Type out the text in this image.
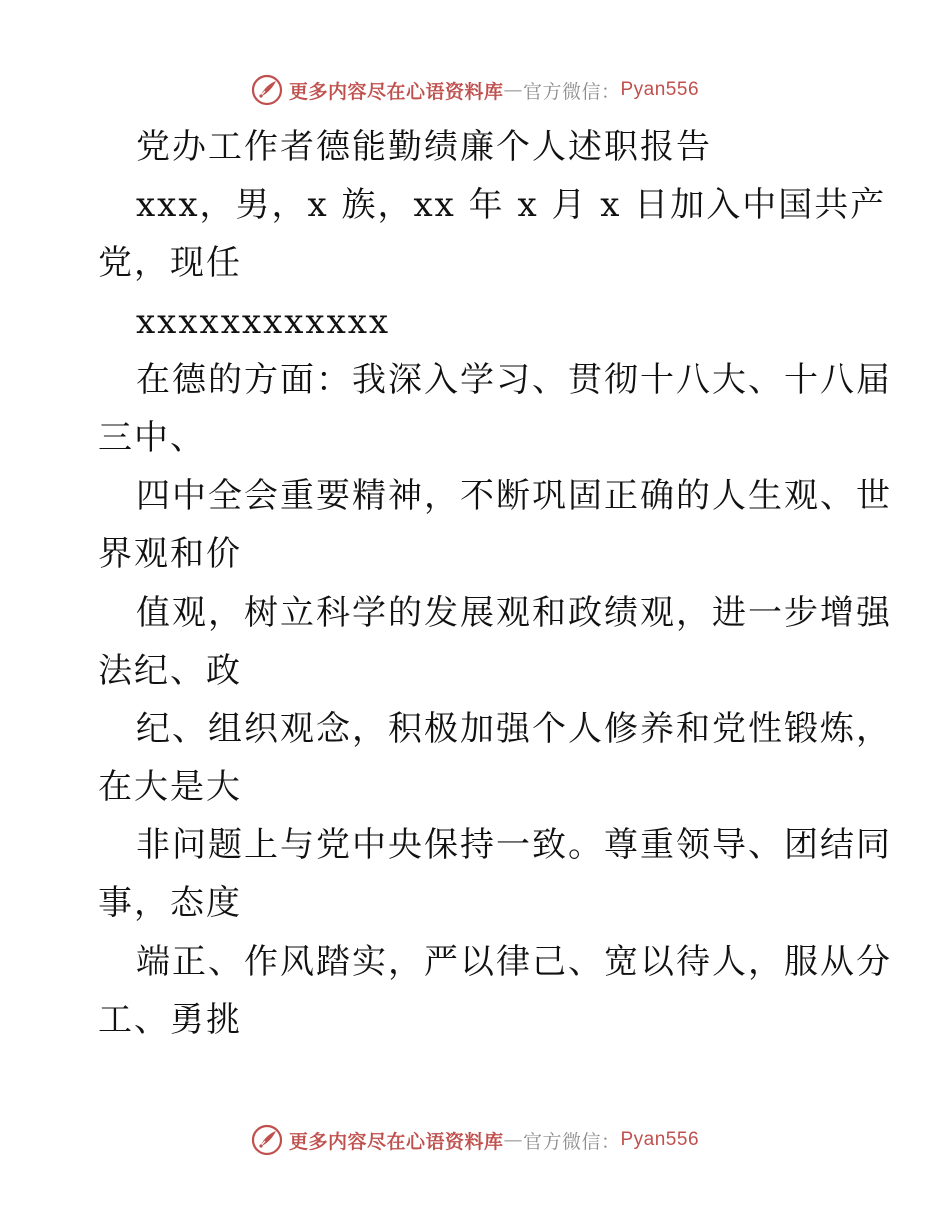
更多内容尽在心语资料库 — 官方微信： Pyan556
党办工作者德能勤绩廉个人述职报告
xxx，男，x 族，xx 年 x 月 x 日加入中国共产
党，现任
xxxxxxxxxxxx
在德的方面：我深入学习、贯彻十八大、十八届
三中、
四中全会重要精神，不断巩固正确的人生观、世
界观和价
值观，树立科学的发展观和政绩观，进一步增强
法纪、政
纪、组织观念，积极加强个人修养和党性锻炼，
在大是大
非问题上与党中央保持一致。尊重领导、团结同
事，态度
端正、作风踏实，严以律己、宽以待人，服从分
工、勇挑
更多内容尽在心语资料库 — 官方微信： Pyan556
